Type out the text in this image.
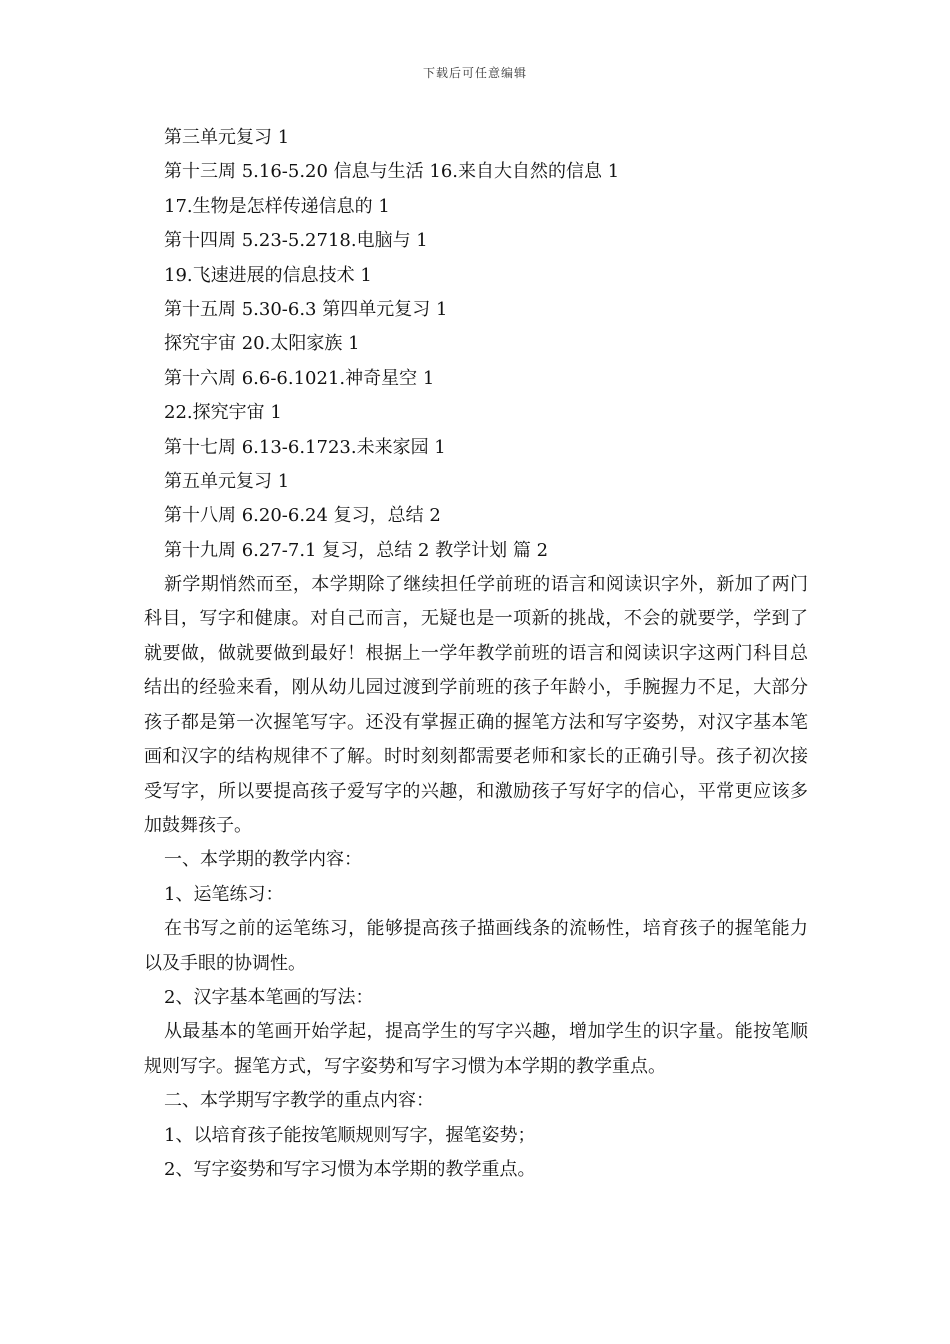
下载后可任意编辑
第三单元复习 1
第十三周 5.16-5.20 信息与生活 16.来自大自然的信息 1
17.生物是怎样传递信息的 1
第十四周 5.23-5.2718.电脑与 1
19.飞速进展的信息技术 1
第十五周 5.30-6.3 第四单元复习 1
探究宇宙 20.太阳家族 1
第十六周 6.6-6.1021.神奇星空 1
22.探究宇宙 1
第十七周 6.13-6.1723.未来家园 1
第五单元复习 1
第十八周 6.20-6.24 复习，总结 2
第十九周 6.27-7.1 复习，总结 2 教学计划 篇 2

新学期悄然而至，本学期除了继续担任学前班的语言和阅读识字外，新加了两门科目，写字和健康。对自己而言，无疑也是一项新的挑战，不会的就要学，学到了就要做，做就要做到最好！根据上一学年教学前班的语言和阅读识字这两门科目总结出的经验来看，刚从幼儿园过渡到学前班的孩子年龄小，手腕握力不足，大部分孩子都是第一次握笔写字。还没有掌握正确的握笔方法和写字姿势，对汉字基本笔画和汉字的结构规律不了解。时时刻刻都需要老师和家长的正确引导。孩子初次接受写字，所以要提高孩子爱写字的兴趣，和激励孩子写好字的信心，平常更应该多加鼓舞孩子。

一、本学期的教学内容：
1、运笔练习：

在书写之前的运笔练习，能够提高孩子描画线条的流畅性，培育孩子的握笔能力以及手眼的协调性。

2、汉字基本笔画的写法：

从最基本的笔画开始学起，提高学生的写字兴趣，增加学生的识字量。能按笔顺规则写字。握笔方式，写字姿势和写字习惯为本学期的教学重点。

二、本学期写字教学的重点内容：
1、以培育孩子能按笔顺规则写字，握笔姿势；
2、写字姿势和写字习惯为本学期的教学重点。
